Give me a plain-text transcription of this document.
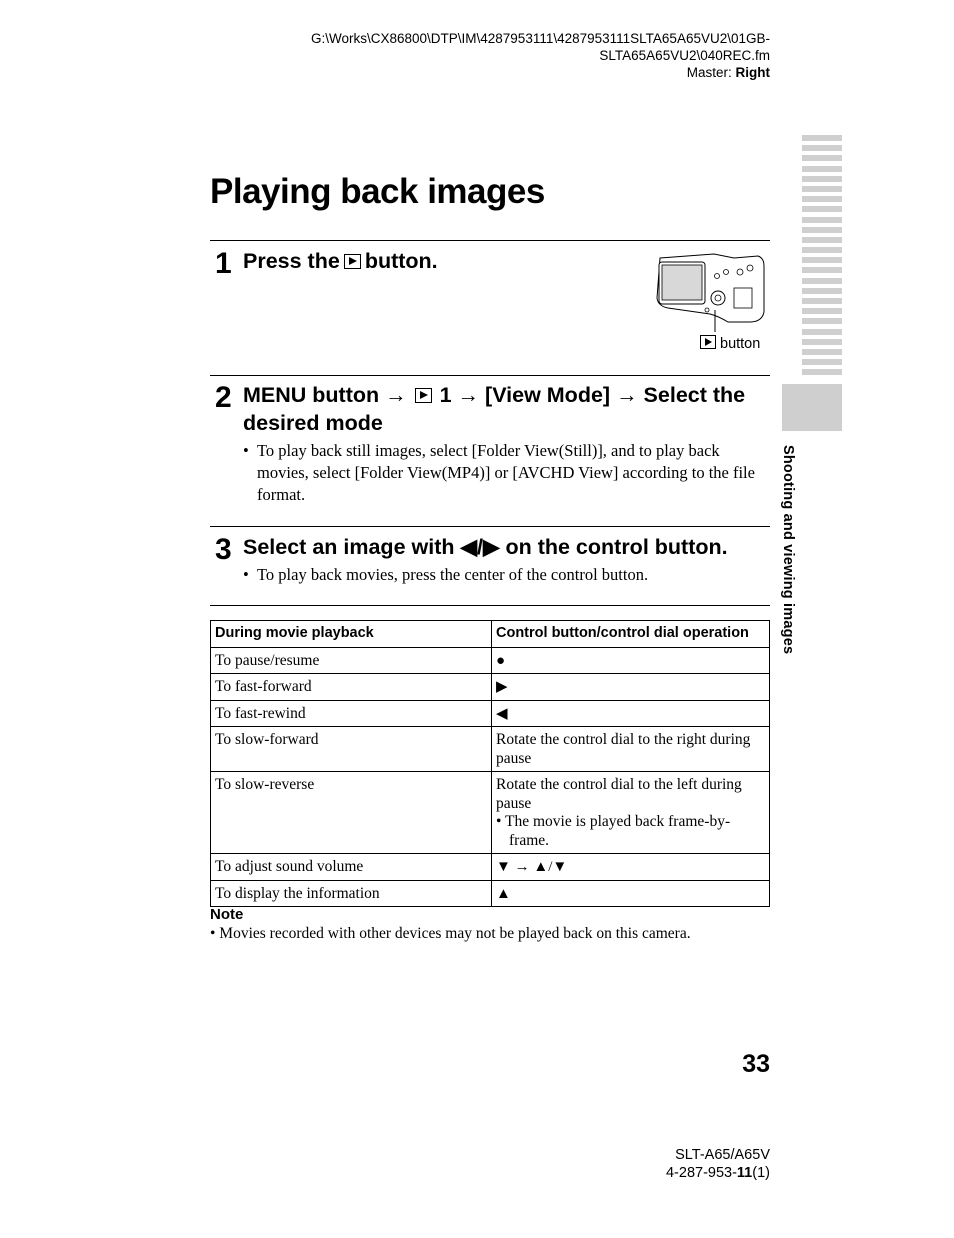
G:\Works\CX86800\DTP\IM\4287953111\4287953111SLTA65A65VU2\01GB-
SLTA65A65VU2\040REC.fm
Master: Right
Shooting and viewing images
Playing back images
1 Press the button.
button
2 MENU button → 1 → [View Mode] → Select the
desired mode
• To play back still images, select [Folder View(Still)], and to play back movies, select [Folder View(MP4)] or [AVCHD View] according to the file format.
3 Select an image with ◀/▶ on the control button.
• To play back movies, press the center of the control button.
During movie playback	Control button/control dial operation
To pause/resume	●
To fast-forward	▶
To fast-rewind	◀
To slow-forward	Rotate the control dial to the right during pause
To slow-reverse	Rotate the control dial to the left during pause
• The movie is played back frame-by-frame.

To adjust sound volume	▼ → ▲/▼
To display the information	▲
Note
• Movies recorded with other devices may not be played back on this camera.
33
SLT-A65/A65V
4-287-953-11(1)
